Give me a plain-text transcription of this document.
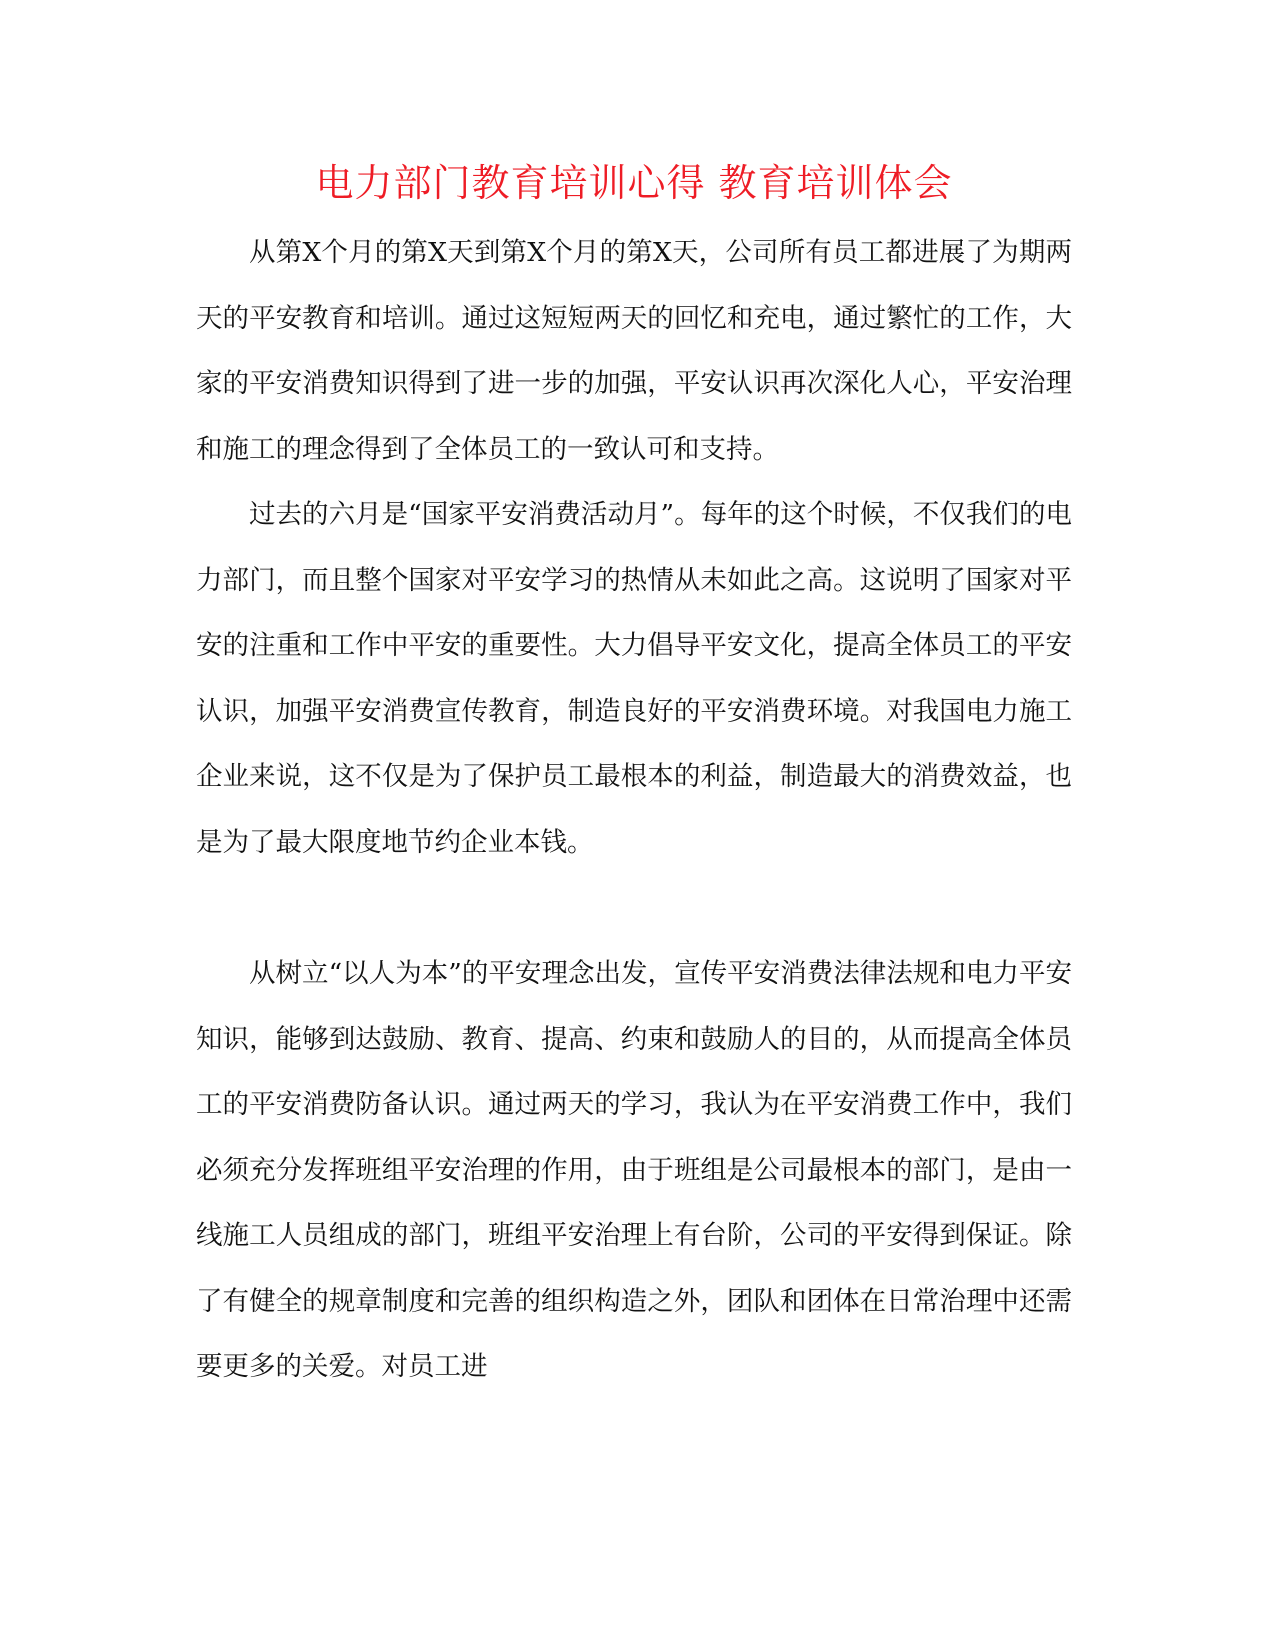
电力部门教育培训心得 教育培训体会

从第X个月的第X天到第X个月的第X天，公司所有员工都进展了为期两天的平安教育和培训。通过这短短两天的回忆和充电，通过繁忙的工作，大家的平安消费知识得到了进一步的加强，平安认识再次深化人心，平安治理和施工的理念得到了全体员工的一致认可和支持。

过去的六月是“国家平安消费活动月”。每年的这个时候，不仅我们的电力部门，而且整个国家对平安学习的热情从未如此之高。这说明了国家对平安的注重和工作中平安的重要性。大力倡导平安文化，提高全体员工的平安认识，加强平安消费宣传教育，制造良好的平安消费环境。对我国电力施工企业来说，这不仅是为了保护员工最根本的利益，制造最大的消费效益，也是为了最大限度地节约企业本钱。

从树立“以人为本”的平安理念出发，宣传平安消费法律法规和电力平安知识，能够到达鼓励、教育、提高、约束和鼓励人的目的，从而提高全体员工的平安消费防备认识。通过两天的学习，我认为在平安消费工作中，我们必须充分发挥班组平安治理的作用，由于班组是公司最根本的部门，是由一线施工人员组成的部门，班组平安治理上有台阶，公司的平安得到保证。除了有健全的规章制度和完善的组织构造之外，团队和团体在日常治理中还需要更多的关爱。对员工进
